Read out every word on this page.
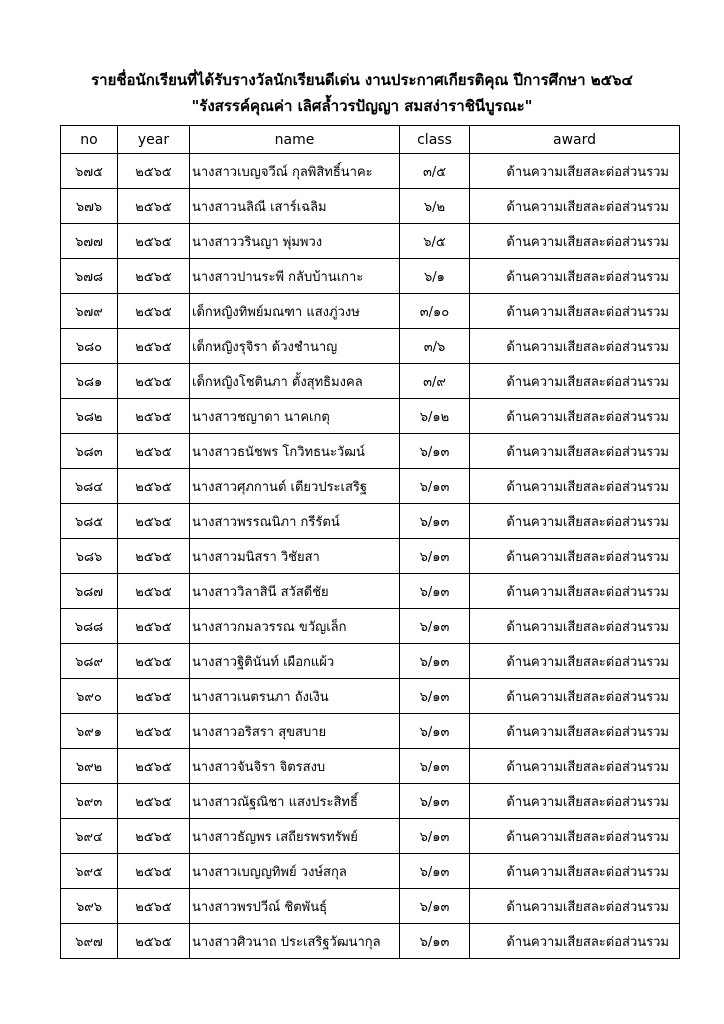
รายชื่อนักเรียนที่ได้รับรางวัลนักเรียนดีเด่น งานประกาศเกียรติคุณ ปีการศึกษา ๒๕๖๔
"รังสรรค์คุณค่า เลิศล้ำวรปัญญา สมสง่าราชินีบูรณะ"
no	year	name	class	award
๖๗๕	๒๕๖๕	นางสาวเบญจวีณ์ กุลพิสิทธิ์นาคะ	๓/๕	ด้านความเสียสละต่อส่วนรวม
๖๗๖	๒๕๖๕	นางสาวนลิณี เสาร์เฉลิม	๖/๒	ด้านความเสียสละต่อส่วนรวม
๖๗๗	๒๕๖๕	นางสาววรินญา พุ่มพวง	๖/๕	ด้านความเสียสละต่อส่วนรวม
๖๗๘	๒๕๖๕	นางสาวปานระพี กลับบ้านเกาะ	๖/๑	ด้านความเสียสละต่อส่วนรวม
๖๗๙	๒๕๖๕	เด็กหญิงทิพย์มณฑา แสงภู่วงษ	๓/๑๐	ด้านความเสียสละต่อส่วนรวม
๖๘๐	๒๕๖๕	เด็กหญิงรุจิรา ด้วงชำนาญ	๓/๖	ด้านความเสียสละต่อส่วนรวม
๖๘๑	๒๕๖๕	เด็กหญิงโชตินภา ตั้งสุทธิมงคล	๓/๙	ด้านความเสียสละต่อส่วนรวม
๖๘๒	๒๕๖๕	นางสาวชญาดา นาคเกตุ	๖/๑๒	ด้านความเสียสละต่อส่วนรวม
๖๘๓	๒๕๖๕	นางสาวธนัชพร โกวิทธนะวัฒน์	๖/๑๓	ด้านความเสียสละต่อส่วนรวม
๖๘๔	๒๕๖๕	นางสาวศุภกานต์ เตียวประเสริฐ	๖/๑๓	ด้านความเสียสละต่อส่วนรวม
๖๘๕	๒๕๖๕	นางสาวพรรณนิภา กรีรัตน์	๖/๑๓	ด้านความเสียสละต่อส่วนรวม
๖๘๖	๒๕๖๕	นางสาวมนิสรา วิชัยสา	๖/๑๓	ด้านความเสียสละต่อส่วนรวม
๖๘๗	๒๕๖๕	นางสาววิลาสินี สวัสดีชัย	๖/๑๓	ด้านความเสียสละต่อส่วนรวม
๖๘๘	๒๕๖๕	นางสาวกมลวรรณ ขวัญเล็ก	๖/๑๓	ด้านความเสียสละต่อส่วนรวม
๖๘๙	๒๕๖๕	นางสาวฐิตินันท์ เผือกแผ้ว	๖/๑๓	ด้านความเสียสละต่อส่วนรวม
๖๙๐	๒๕๖๕	นางสาวเนตรนภา ถังเงิน	๖/๑๓	ด้านความเสียสละต่อส่วนรวม
๖๙๑	๒๕๖๕	นางสาวอริสรา สุขสบาย	๖/๑๓	ด้านความเสียสละต่อส่วนรวม
๖๙๒	๒๕๖๕	นางสาวจันจิรา จิตรสงบ	๖/๑๓	ด้านความเสียสละต่อส่วนรวม
๖๙๓	๒๕๖๕	นางสาวณัฐณิชา แสงประสิทธิ์	๖/๑๓	ด้านความเสียสละต่อส่วนรวม
๖๙๔	๒๕๖๕	นางสาวธัญพร เสถียรพรทรัพย์	๖/๑๓	ด้านความเสียสละต่อส่วนรวม
๖๙๕	๒๕๖๕	นางสาวเบญญทิพย์ วงษ์สกุล	๖/๑๓	ด้านความเสียสละต่อส่วนรวม
๖๙๖	๒๕๖๕	นางสาวพรปวีณ์ ชิตพันธุ์	๖/๑๓	ด้านความเสียสละต่อส่วนรวม
๖๙๗	๒๕๖๕	นางสาวศิวนาถ ประเสริฐวัฒนากุล	๖/๑๓	ด้านความเสียสละต่อส่วนรวม
